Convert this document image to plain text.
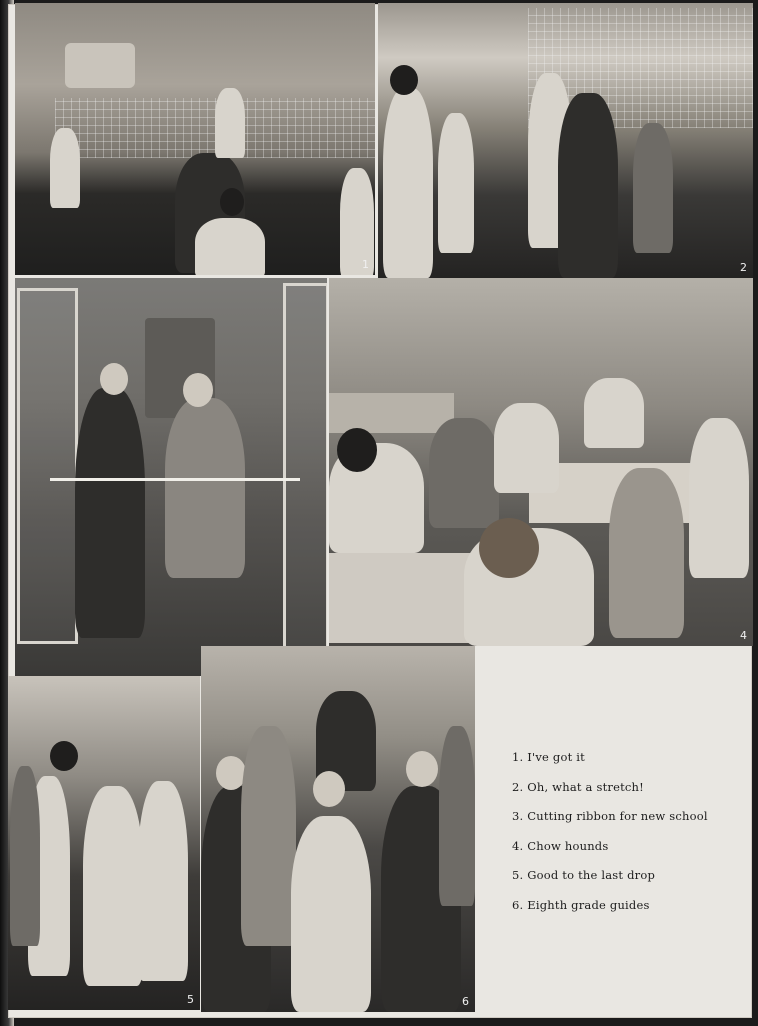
1	2
4
5	6
1. I've got it
2. Oh, what a stretch!
3. Cutting ribbon for new school
4. Chow hounds
5. Good to the last drop
6. Eighth grade guides
